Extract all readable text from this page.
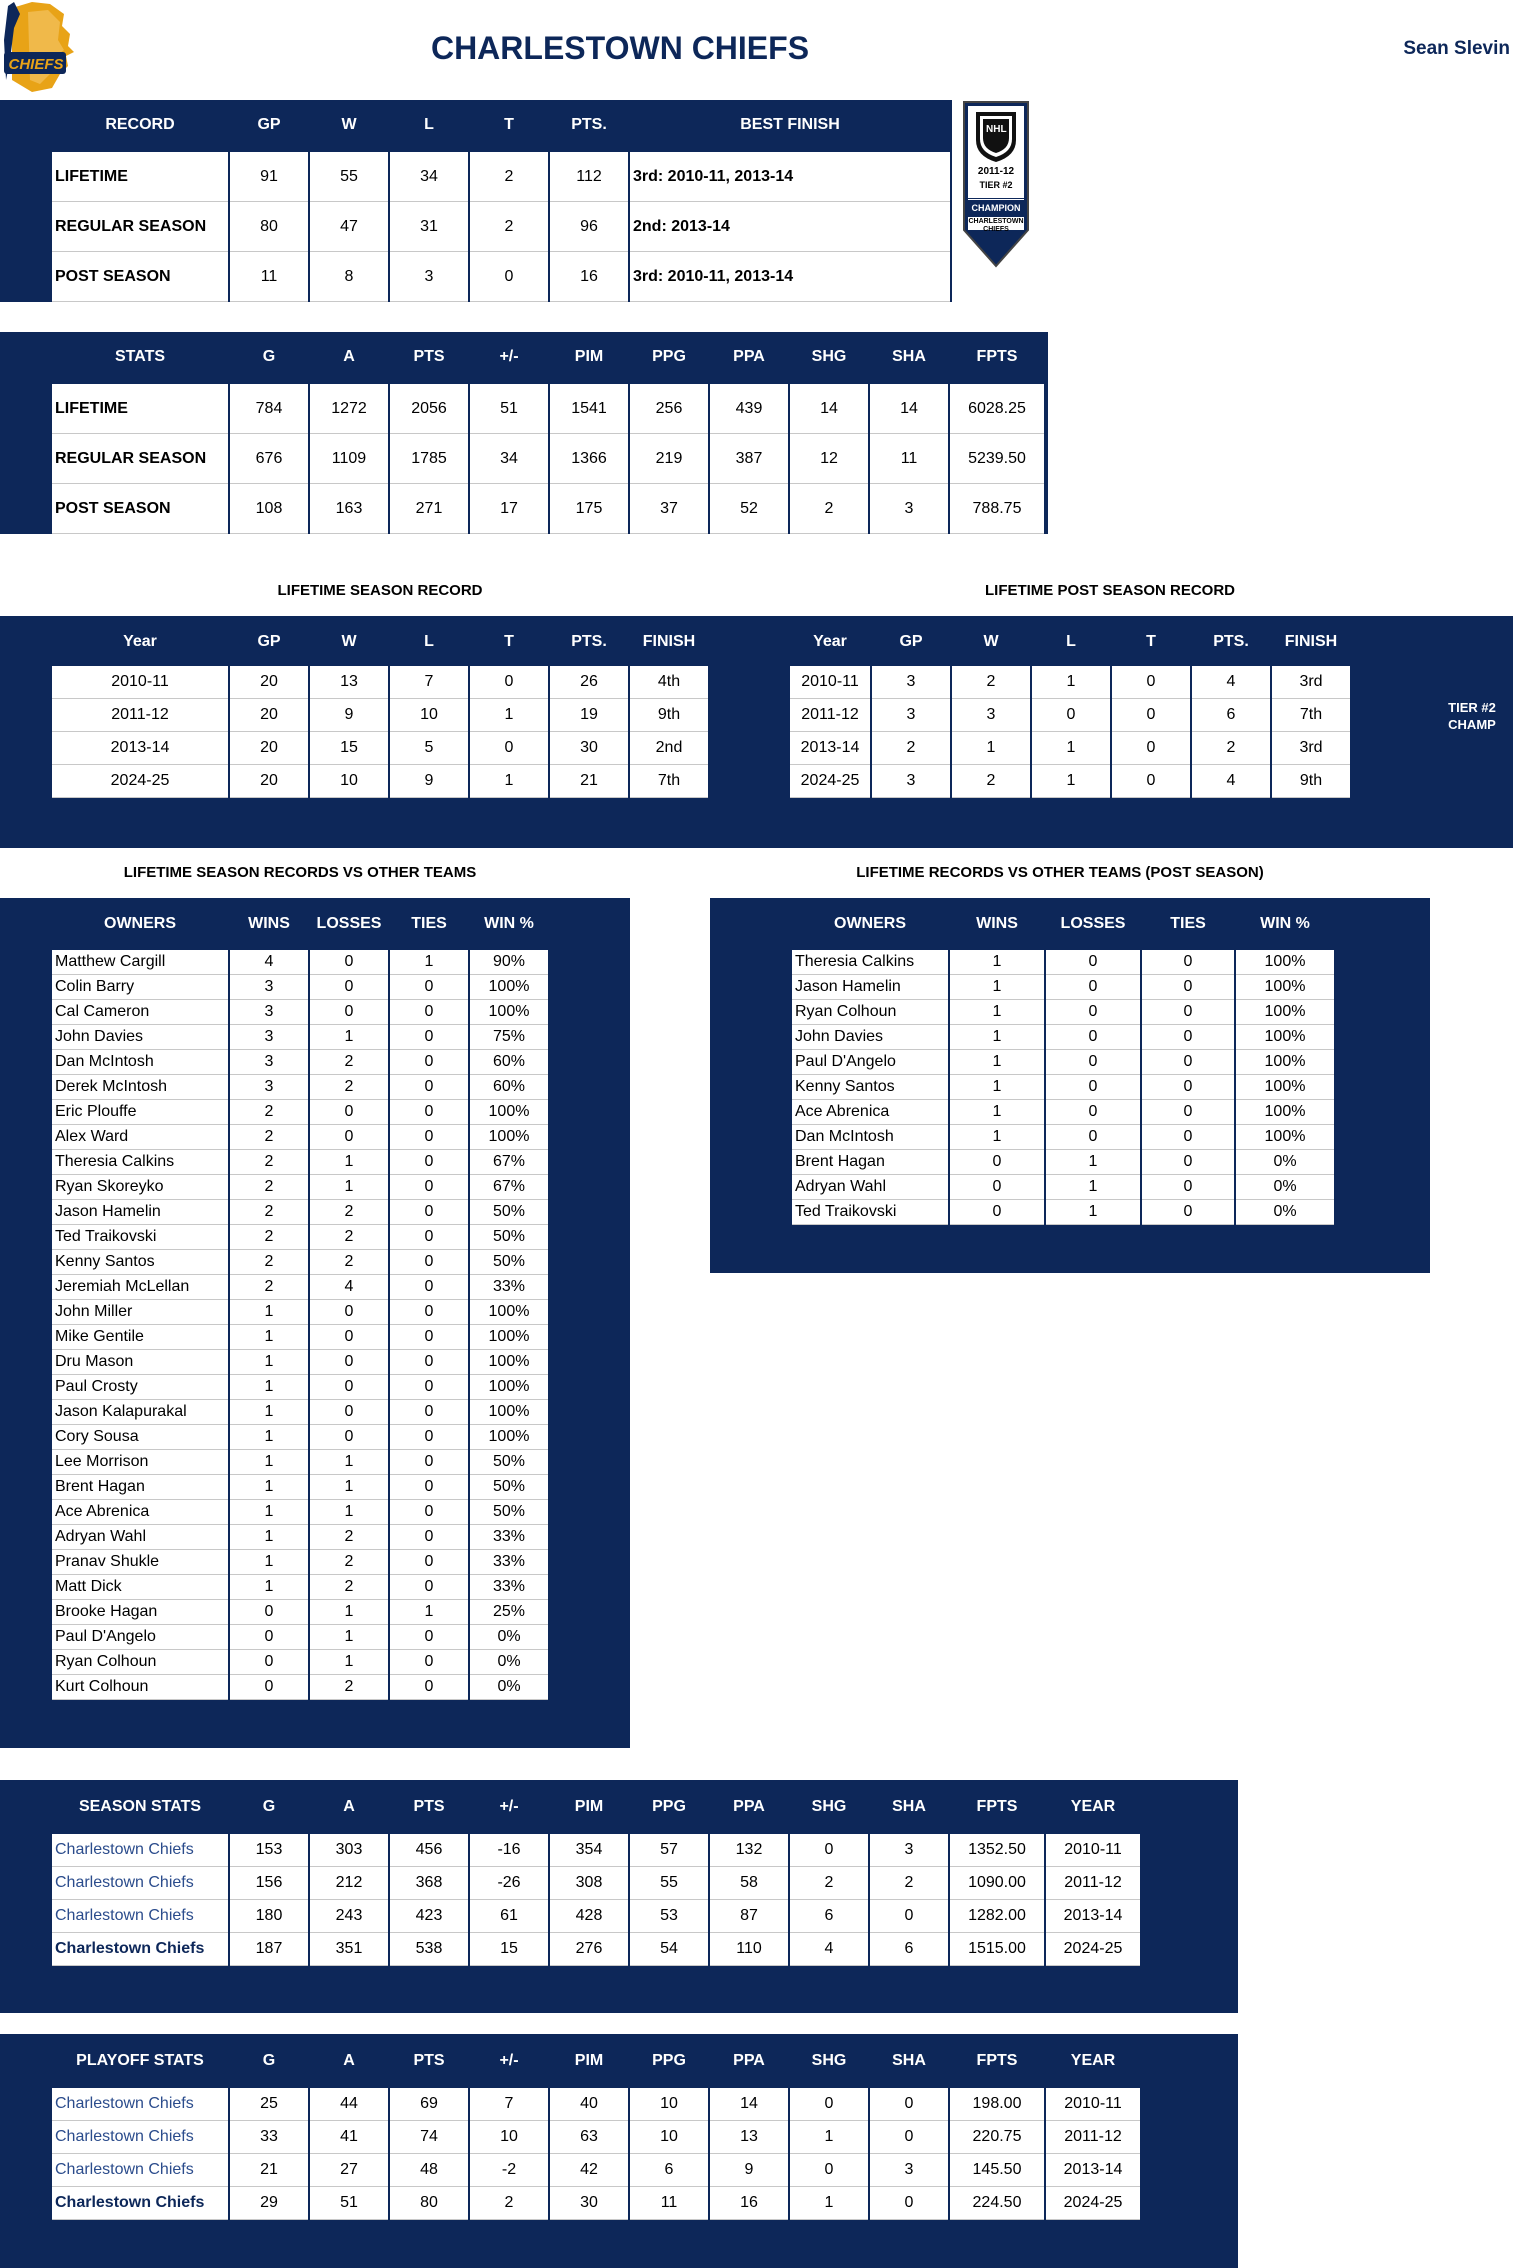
CHIEFS	CHARLESTOWN CHIEFS	Sean Slevin
NHL
2011-12
TIER #2
CHAMPION
CHARLESTOWN
CHIEFS
RECORD	GP	W	L	T	PTS.	BEST FINISH
LIFETIME	91	55	34	2	112	3rd: 2010-11, 2013-14
REGULAR SEASON	80	47	31	2	96	2nd: 2013-14
POST SEASON	11	8	3	0	16	3rd: 2010-11, 2013-14
STATS	G	A	PTS	+/-	PIM	PPG	PPA	SHG	SHA	FPTS
LIFETIME	784	1272	2056	51	1541	256	439	14	14	6028.25
REGULAR SEASON	676	1109	1785	34	1366	219	387	12	11	5239.50
POST SEASON	108	163	271	17	175	37	52	2	3	788.75
Year	GP	W	L	T	PTS.	FINISH
2010-11	20	13	7	0	26	4th
2011-12	20	9	10	1	19	9th
2013-14	20	15	5	0	30	2nd
2024-25	20	10	9	1	21	7th
Year	GP	W	L	T	PTS.	FINISH
2010-11	3	2	1	0	4	3rd
2011-12	3	3	0	0	6	7th
2013-14	2	1	1	0	2	3rd
2024-25	3	2	1	0	4	9th
OWNERS	WINS	LOSSES	TIES	WIN %
Matthew Cargill	4	0	1	90%
Colin Barry	3	0	0	100%
Cal Cameron	3	0	0	100%
John Davies	3	1	0	75%
Dan McIntosh	3	2	0	60%
Derek McIntosh	3	2	0	60%
Eric Plouffe	2	0	0	100%
Alex Ward	2	0	0	100%
Theresia Calkins	2	1	0	67%
Ryan Skoreyko	2	1	0	67%
Jason Hamelin	2	2	0	50%
Ted Traikovski	2	2	0	50%
Kenny Santos	2	2	0	50%
Jeremiah McLellan	2	4	0	33%
John Miller	1	0	0	100%
Mike Gentile	1	0	0	100%
Dru Mason	1	0	0	100%
Paul Crosty	1	0	0	100%
Jason Kalapurakal	1	0	0	100%
Cory Sousa	1	0	0	100%
Lee Morrison	1	1	0	50%
Brent Hagan	1	1	0	50%
Ace Abrenica	1	1	0	50%
Adryan Wahl	1	2	0	33%
Pranav Shukle	1	2	0	33%
Matt Dick	1	2	0	33%
Brooke Hagan	0	1	1	25%
Paul D'Angelo	0	1	0	0%
Ryan Colhoun	0	1	0	0%
Kurt Colhoun	0	2	0	0%
OWNERS	WINS	LOSSES	TIES	WIN %
Theresia Calkins	1	0	0	100%
Jason Hamelin	1	0	0	100%
Ryan Colhoun	1	0	0	100%
John Davies	1	0	0	100%
Paul D'Angelo	1	0	0	100%
Kenny Santos	1	0	0	100%
Ace Abrenica	1	0	0	100%
Dan McIntosh	1	0	0	100%
Brent Hagan	0	1	0	0%
Adryan Wahl	0	1	0	0%
Ted Traikovski	0	1	0	0%
SEASON STATS	G	A	PTS	+/-	PIM	PPG	PPA	SHG	SHA	FPTS	YEAR
Charlestown Chiefs	153	303	456	-16	354	57	132	0	3	1352.50	2010-11
Charlestown Chiefs	156	212	368	-26	308	55	58	2	2	1090.00	2011-12
Charlestown Chiefs	180	243	423	61	428	53	87	6	0	1282.00	2013-14
Charlestown Chiefs	187	351	538	15	276	54	110	4	6	1515.00	2024-25
PLAYOFF STATS	G	A	PTS	+/-	PIM	PPG	PPA	SHG	SHA	FPTS	YEAR
Charlestown Chiefs	25	44	69	7	40	10	14	0	0	198.00	2010-11
Charlestown Chiefs	33	41	74	10	63	10	13	1	0	220.75	2011-12
Charlestown Chiefs	21	27	48	-2	42	6	9	0	3	145.50	2013-14
Charlestown Chiefs	29	51	80	2	30	11	16	1	0	224.50	2024-25
LIFETIME SEASON RECORD	LIFETIME POST SEASON RECORD
LIFETIME SEASON RECORDS VS OTHER TEAMS	LIFETIME RECORDS VS OTHER TEAMS (POST SEASON)
TIER #2
CHAMP
